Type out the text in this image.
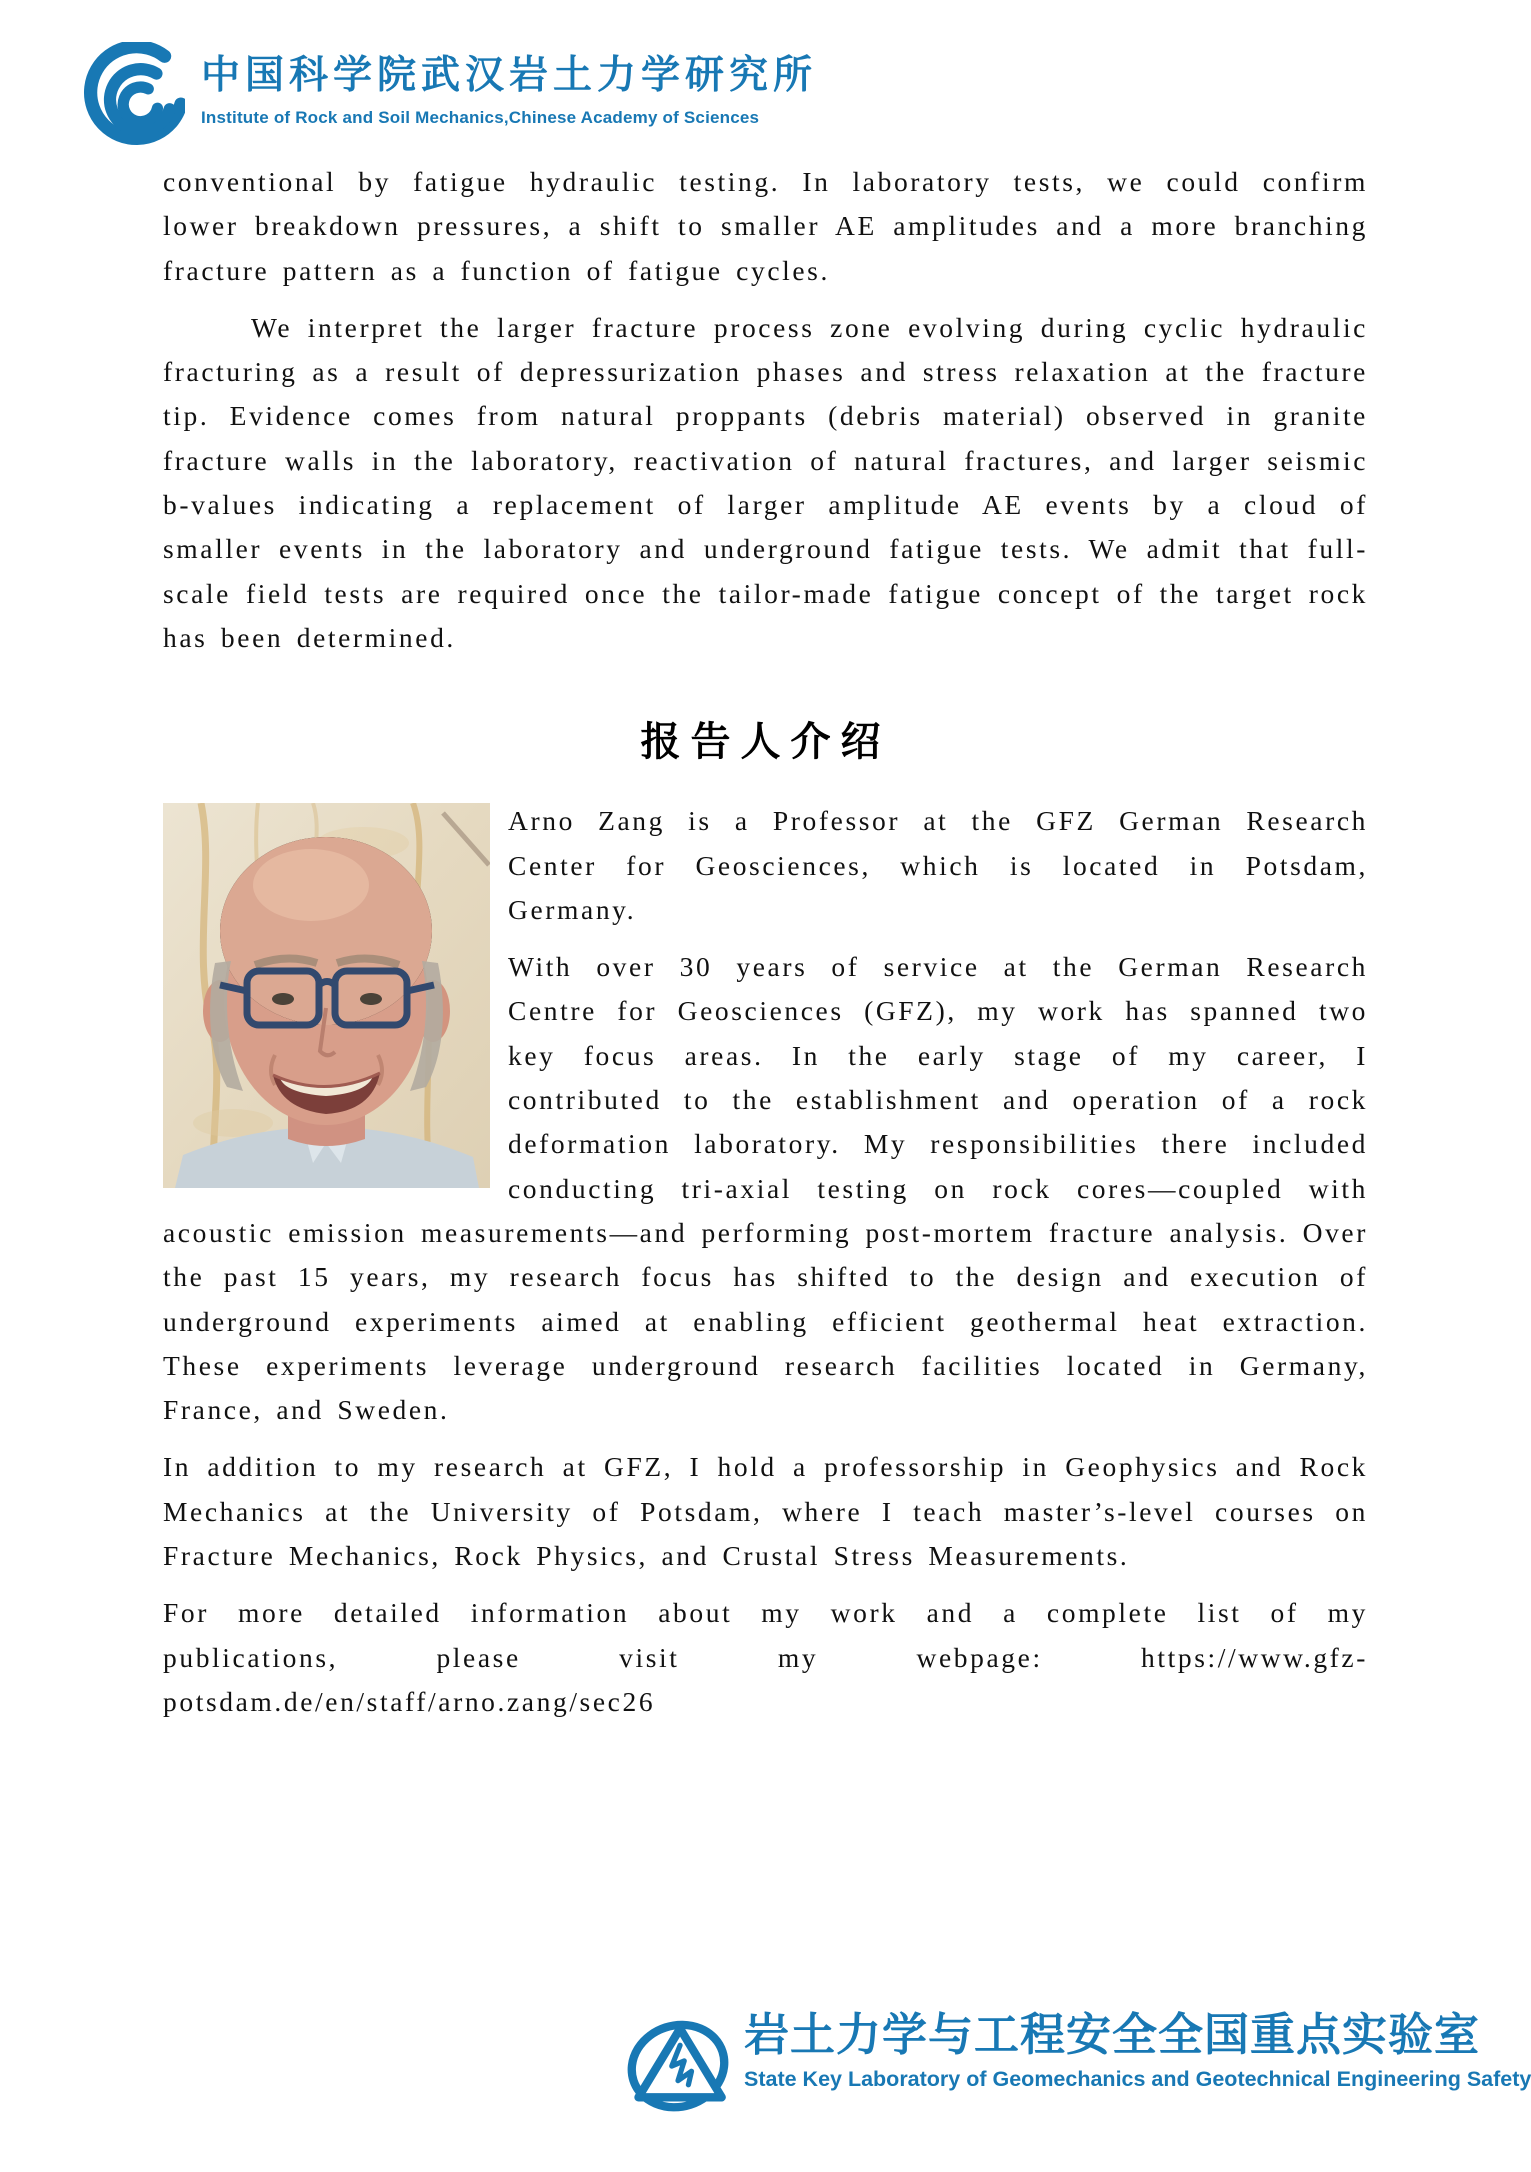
中国科学院武汉岩土力学研究所
Institute of Rock and Soil Mechanics,Chinese Academy of Sciences

conventional by fatigue hydraulic testing. In laboratory tests, we could confirm lower breakdown pressures, a shift to smaller AE amplitudes and a more branching fracture pattern as a function of fatigue cycles.

We interpret the larger fracture process zone evolving during cyclic hydraulic fracturing as a result of depressurization phases and stress relaxation at the fracture tip. Evidence comes from natural proppants (debris material) observed in granite fracture walls in the laboratory, reactivation of natural fractures, and larger seismic b-values indicating a replacement of larger amplitude AE events by a cloud of smaller events in the laboratory and underground fatigue tests. We admit that full-scale field tests are required once the tailor-made fatigue concept of the target rock has been determined.

报告人介绍

Arno Zang is a Professor at the GFZ German Research Center for Geosciences, which is located in Potsdam, Germany.

With over 30 years of service at the German Research Centre for Geosciences (GFZ), my work has spanned two key focus areas. In the early stage of my career, I contributed to the establishment and operation of a rock deformation laboratory. My responsibilities there included conducting tri-axial testing on rock cores—coupled with acoustic emission measurements—and performing post-mortem fracture analysis. Over the past 15 years, my research focus has shifted to the design and execution of underground experiments aimed at enabling efficient geothermal heat extraction. These experiments leverage underground research facilities located in Germany, France, and Sweden.

In addition to my research at GFZ, I hold a professorship in Geophysics and Rock Mechanics at the University of Potsdam, where I teach master’s-level courses on Fracture Mechanics, Rock Physics, and Crustal Stress Measurements.

For more detailed information about my work and a complete list of my publications, please visit my webpage: https://www.gfz-potsdam.de/en/staff/arno.zang/sec26

岩土力学与工程安全全国重点实验室
State Key Laboratory of Geomechanics and Geotechnical Engineering Safety
